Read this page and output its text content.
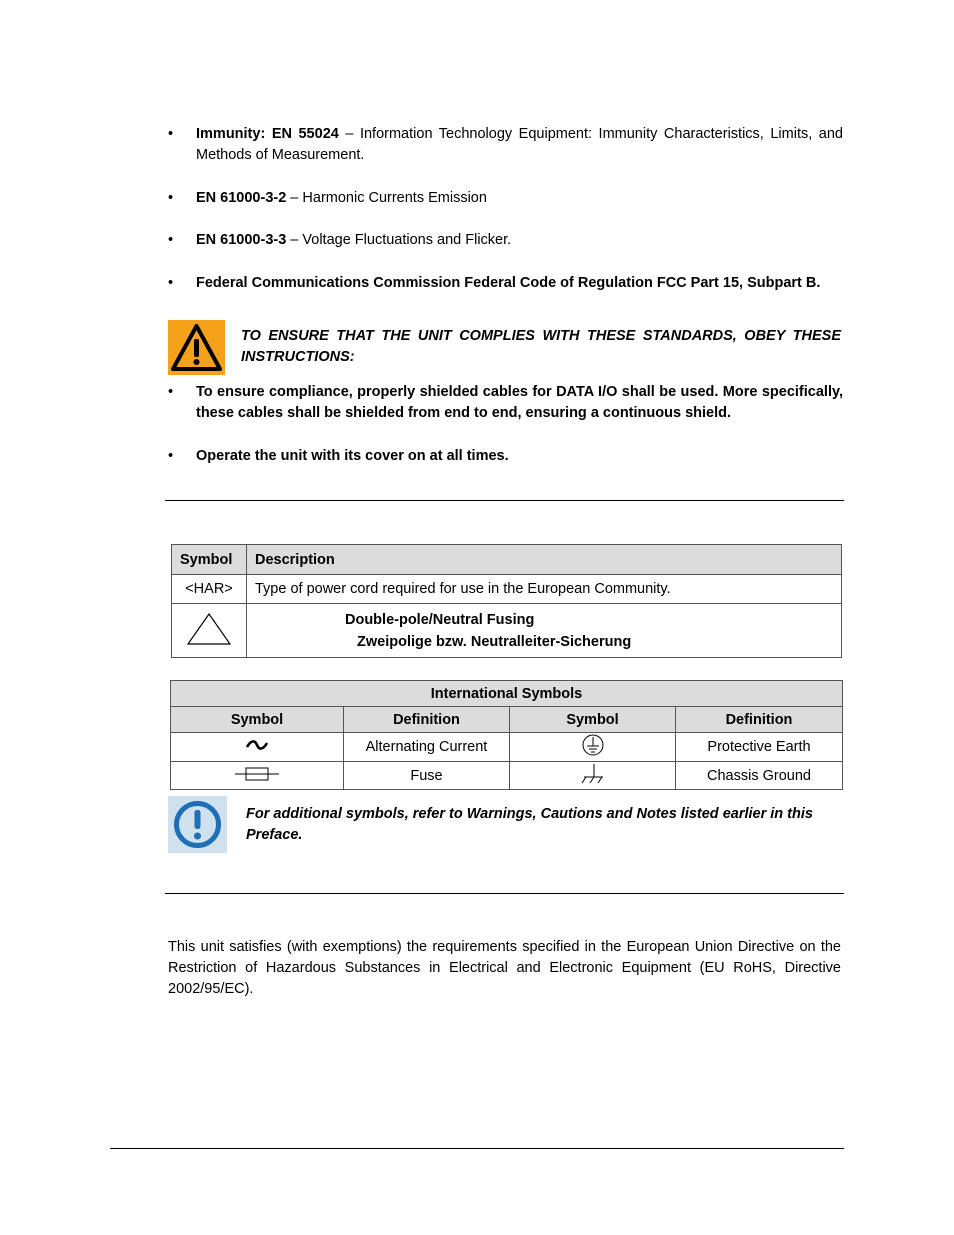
• Immunity: EN 55024 – Information Technology Equipment: Immunity Characteristics, Limits, and Methods of Measurement.
• EN 61000-3-2 – Harmonic Currents Emission
• EN 61000-3-3 – Voltage Fluctuations and Flicker.
• Federal Communications Commission Federal Code of Regulation FCC Part 15, Subpart B.
TO ENSURE THAT THE UNIT COMPLIES WITH THESE STANDARDS, OBEY THESE INSTRUCTIONS:
• To ensure compliance, properly shielded cables for DATA I/O shall be used. More specifically, these cables shall be shielded from end to end, ensuring a continuous shield.
• Operate the unit with its cover on at all times.
Symbol	Description
<HAR>	Type of power cord required for use in the European Community.

Double-pole/Neutral Fusing
Zweipolige bzw. Neutralleiter-Sicherung
International Symbols			
Symbol	Definition	Symbol	Definition
	Alternating Current		Protective Earth
	Fuse		Chassis Ground
For additional symbols, refer to Warnings, Cautions and Notes listed earlier in this Preface.
This unit satisfies (with exemptions) the requirements specified in the European Union Directive on the Restriction of Hazardous Substances in Electrical and Electronic Equipment (EU RoHS, Directive 2002/95/EC).
